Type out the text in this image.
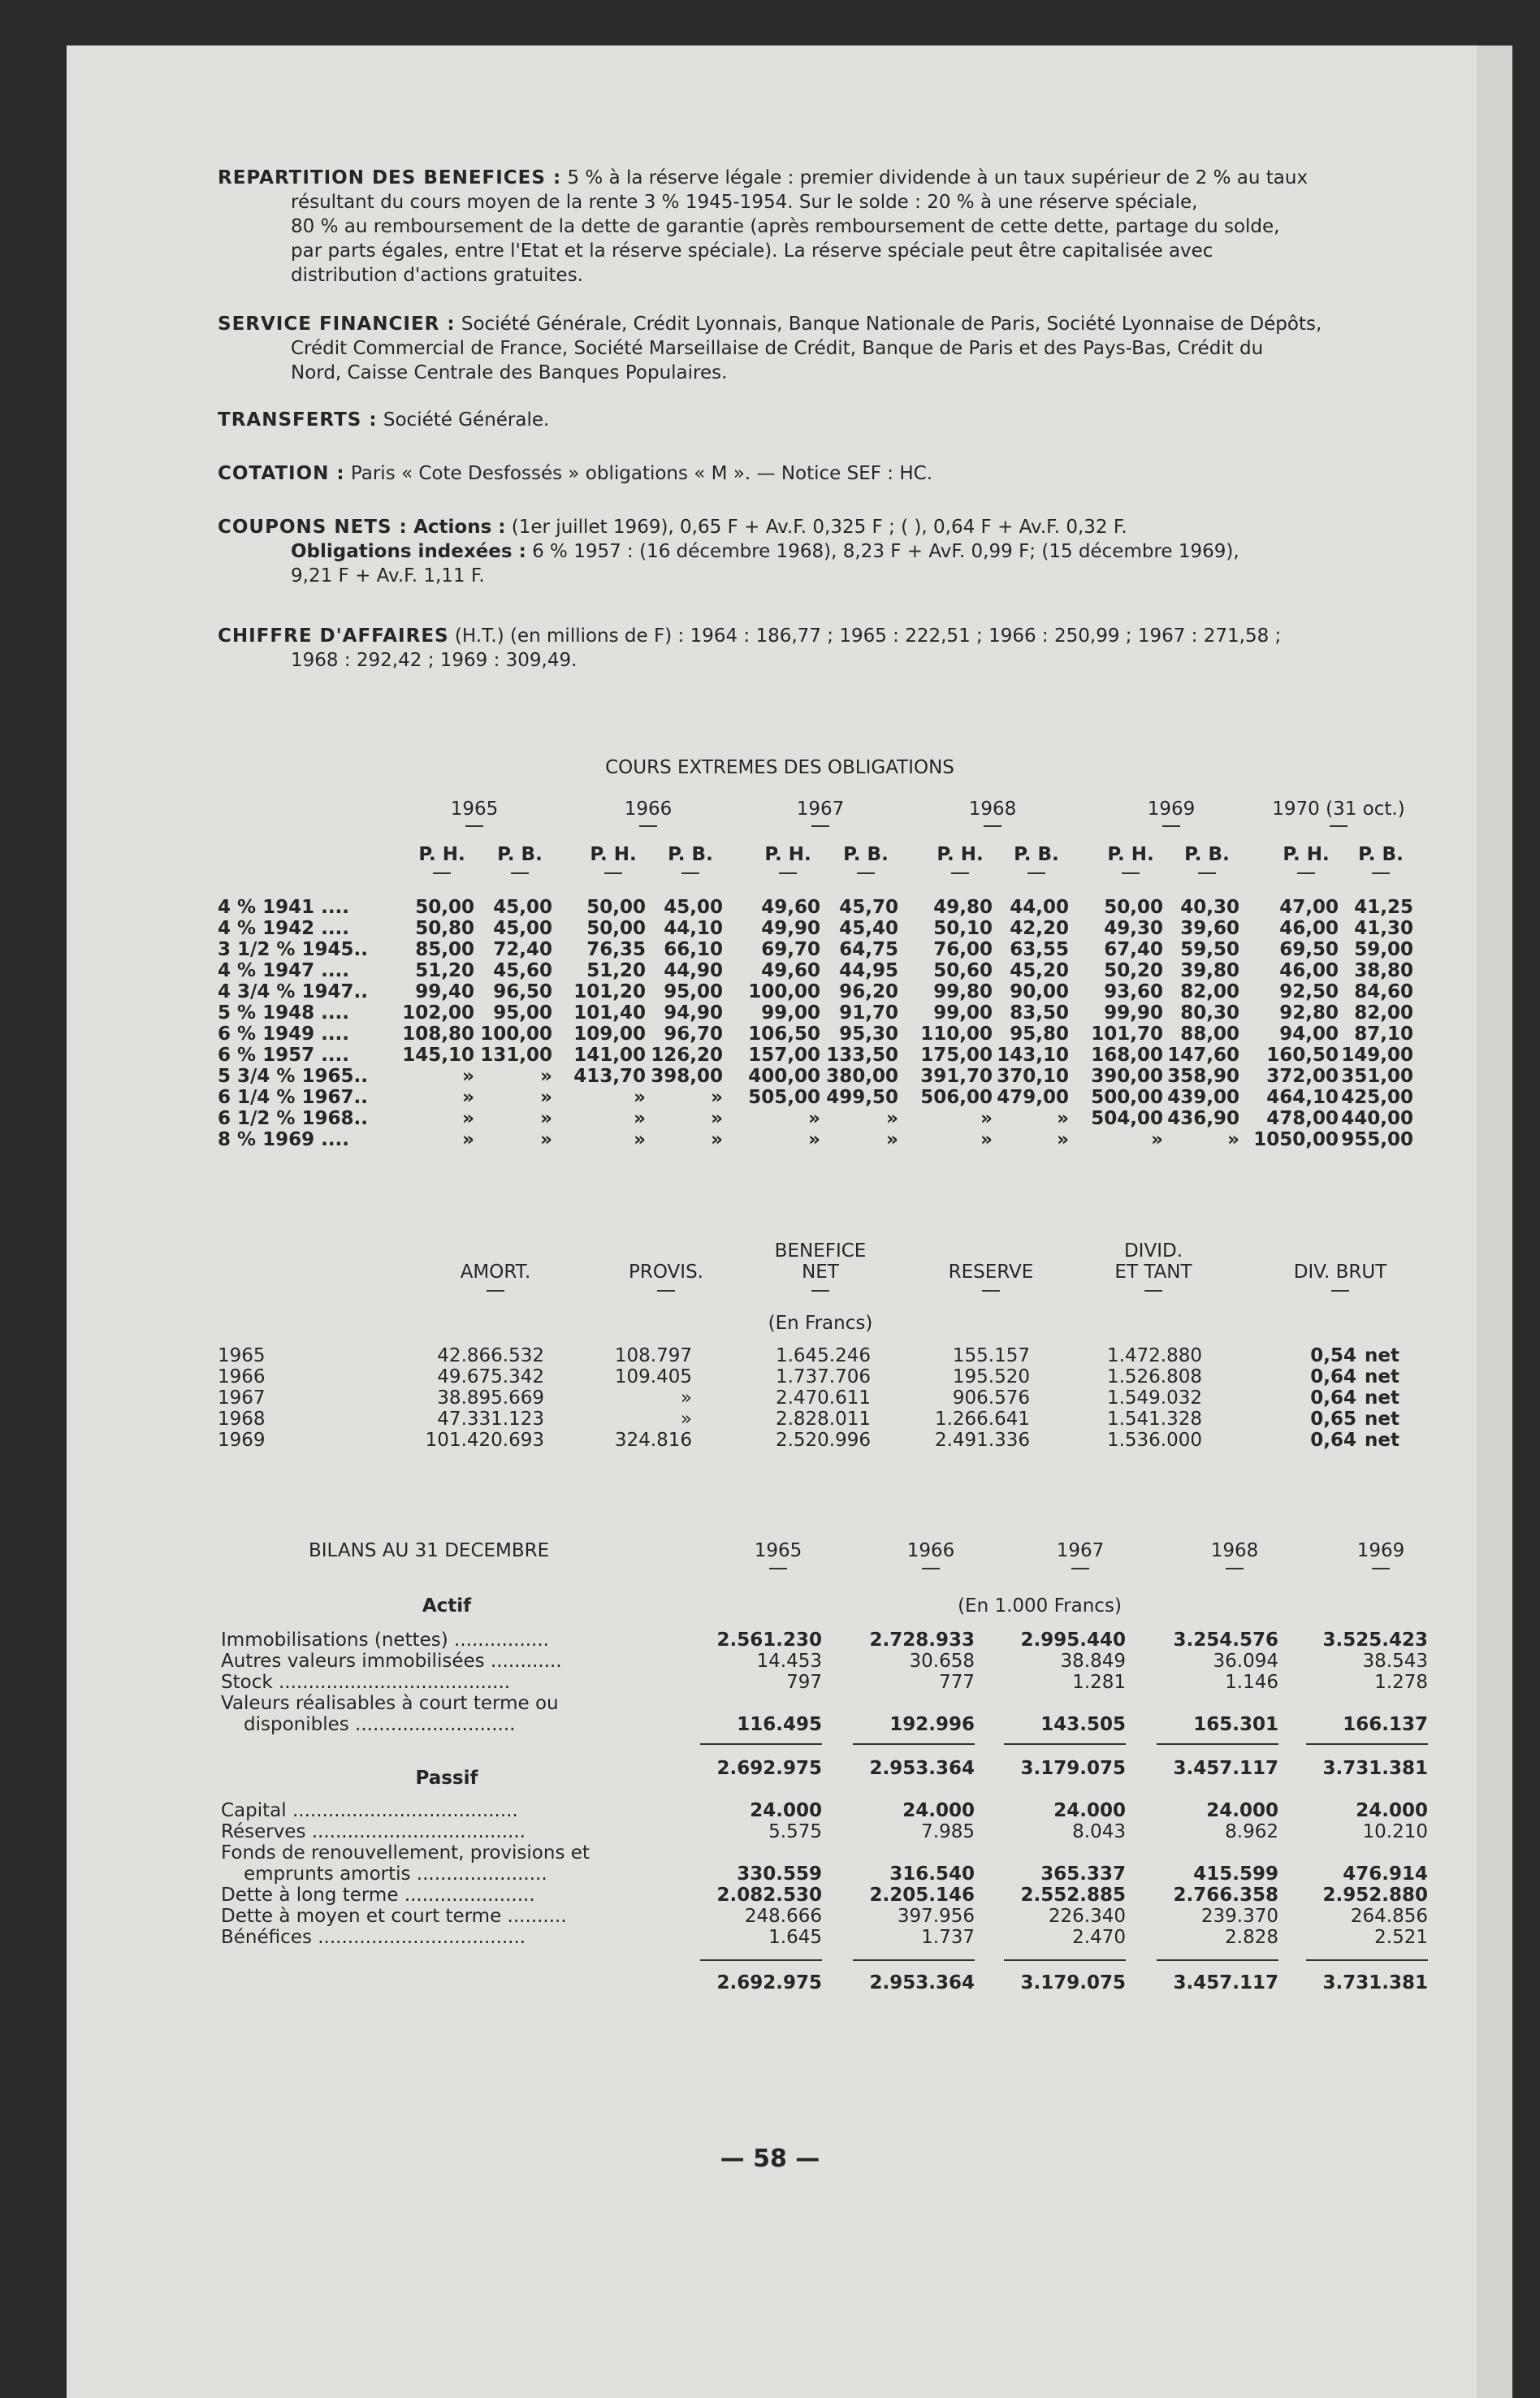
REPARTITION DES BENEFICES : 5 % à la réserve légale : premier dividende à un taux supérieur de 2 % au taux
résultant du cours moyen de la rente 3 % 1945-1954. Sur le solde : 20 % à une réserve spéciale,
80 % au remboursement de la dette de garantie (après remboursement de cette dette, partage du solde,
par parts égales, entre l'Etat et la réserve spéciale). La réserve spéciale peut être capitalisée avec
distribution d'actions gratuites.
SERVICE FINANCIER : Société Générale, Crédit Lyonnais, Banque Nationale de Paris, Société Lyonnaise de Dépôts,
Crédit Commercial de France, Société Marseillaise de Crédit, Banque de Paris et des Pays-Bas, Crédit du
Nord, Caisse Centrale des Banques Populaires.
TRANSFERTS : Société Générale.
COTATION : Paris « Cote Desfossés » obligations « M ». — Notice SEF : HC.
COUPONS NETS : Actions : (1er juillet 1969), 0,65 F + Av.F. 0,325 F ; ( ), 0,64 F + Av.F. 0,32 F.
Obligations indexées : 6 % 1957 : (16 décembre 1968), 8,23 F + AvF. 0,99 F; (15 décembre 1969),
9,21 F + Av.F. 1,11 F.
CHIFFRE D'AFFAIRES (H.T.) (en millions de F) : 1964 : 186,77 ; 1965 : 222,51 ; 1966 : 250,99 ; 1967 : 271,58 ;
1968 : 292,42 ; 1969 : 309,49.
COURS EXTREMES DES OBLIGATIONS
1965
P. H.	P. B.
1966
P. H.	P. B.
1967
P. H.	P. B.
1968
P. H.	P. B.
1969
P. H.	P. B.
1970 (31 oct.)
P. H.	P. B.
4 % 1941 ....	50,00	45,00	50,00 45,00	49,60	45,70	49,80 44,00	50,00 40,30	47,00 41,25
4 % 1942 ....	50,80	45,00	50,00 44,10	49,90	45,40	50,10 42,20	49,30 39,60	46,00 41,30
3 1/2 % 1945..	85,00	72,40	76,35 66,10	69,70	64,75	76,00 63,55	67,40 59,50	69,50 59,00
4 % 1947 ....	51,20	45,60	51,20 44,90	49,60	44,95	50,60 45,20	50,20 39,80	46,00 38,80
4 3/4 % 1947..	99,40	96,50	101,20 95,00	100,00	96,20	99,80 90,00	93,60 82,00	92,50 84,60
5 % 1948 ....	102,00	95,00	101,40 94,90	99,00	91,70	99,00 83,50	99,90 80,30	92,80 82,00
6 % 1949 ....	108,80 100,00	109,00 96,70	106,50	95,30	110,00 95,80	101,70 88,00	94,00 87,10
6 % 1957 ....	145,10 131,00	141,00 126,20	157,00 133,50	175,00 143,10	168,00 147,60	160,50 149,00
5 3/4 % 1965..	»	»	413,70 398,00	400,00 380,00	391,70 370,10	390,00 358,90	372,00 351,00
6 1/4 % 1967..	»	»	»	»	505,00 499,50	506,00 479,00	500,00 439,00	464,10 425,00
6 1/2 % 1968..	»	»	»	»	»	»	»	»	504,00 436,90	478,00 440,00
8 % 1969 ....	»	»	»	»	»	»	»	»	»	» 1050,00 955,00
AMORT.	PROVIS.
BENEFICE
NET	RESERVE
DIVID.
ET TANT	DIV. BRUT
(En Francs)
1965	42.866.532	108.797	1.645.246	155.157	1.472.880	0,54 net
1966	49.675.342	109.405	1.737.706	195.520	1.526.808	0,64 net
1967	38.895.669	»	2.470.611	906.576	1.549.032	0,64 net
1968	47.331.123	»	2.828.011	1.266.641	1.541.328	0,65 net
1969	101.420.693	324.816	2.520.996	2.491.336	1.536.000	0,64 net
BILANS AU 31 DECEMBRE
Actif	(En 1.000 Francs)
Passif
1965	1966	1967	1968	1969
Immobilisations (nettes) ................	2.561.230	2.728.933	2.995.440	3.254.576	3.525.423
Autres valeurs immobilisées ............	14.453	30.658	38.849	36.094	38.543
Stock .......................................	797	777	1.281	1.146	1.278
Valeurs réalisables à court terme ou
disponibles ...........................	116.495	192.996	143.505	165.301	166.137
2.692.975	2.953.364	3.179.075	3.457.117	3.731.381
Capital ......................................	24.000	24.000	24.000	24.000	24.000
Réserves ....................................	5.575	7.985	8.043	8.962	10.210
Fonds de renouvellement, provisions et
emprunts amortis ......................	330.559	316.540	365.337	415.599	476.914
Dette à long terme ......................	2.082.530	2.205.146	2.552.885	2.766.358	2.952.880
Dette à moyen et court terme ..........	248.666	397.956	226.340	239.370	264.856
Bénéfices ...................................	1.645	1.737	2.470	2.828	2.521
2.692.975	2.953.364	3.179.075	3.457.117	3.731.381
— 58 —
